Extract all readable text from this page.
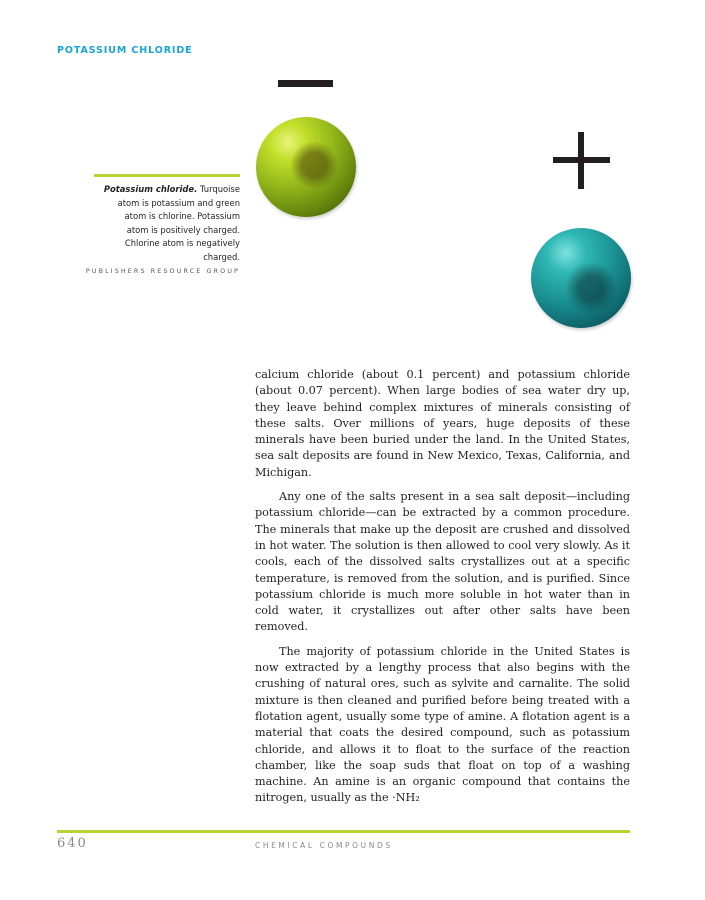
POTASSIUM CHLORIDE
Potassium chloride. Turquoise
atom is potassium and green
atom is chlorine. Potassium
atom is positively charged.
Chlorine atom is negatively
charged. PUBLISHERS RESOURCE GROUP

calcium chloride (about 0.1 percent) and potassium chloride (about 0.07 percent). When large bodies of sea water dry up, they leave behind complex mixtures of minerals consisting of these salts. Over millions of years, huge deposits of these minerals have been buried under the land. In the United States, sea salt deposits are found in New Mexico, Texas, California, and Michigan.

Any one of the salts present in a sea salt deposit—including potassium chloride—can be extracted by a common procedure. The minerals that make up the deposit are crushed and dissolved in hot water. The solution is then allowed to cool very slowly. As it cools, each of the dissolved salts crystallizes out at a specific temperature, is removed from the solution, and is purified. Since potassium chloride is much more soluble in hot water than in cold water, it crystallizes out after other salts have been removed.

The majority of potassium chloride in the United States is now extracted by a lengthy process that also begins with the crushing of natural ores, such as sylvite and carnalite. The solid mixture is then cleaned and purified before being treated with a flotation agent, usually some type of amine. A flotation agent is a material that coats the desired compound, such as potassium chloride, and allows it to float to the surface of the reaction chamber, like the soap suds that float on top of a washing machine. An amine is an organic compound that contains the nitrogen, usually as the ·NH₂

640	CHEMICAL COMPOUNDS
